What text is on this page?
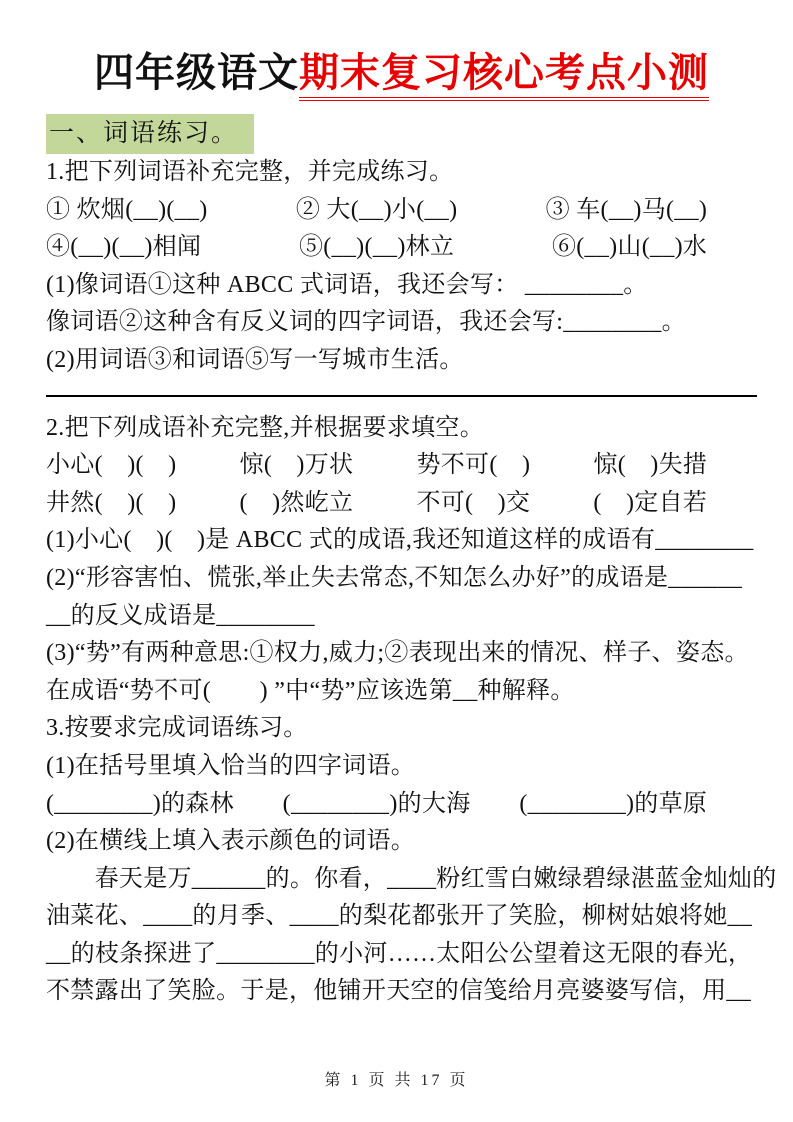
四年级语文期末复习核心考点小测
一、词语练习。
1.把下列词语补充完整，并完成练习。
① 炊烟(__)(__)	② 大(__)小(__)	③ 车(__)马(__)
④(__)(__)相闻	⑤(__)(__)林立	⑥(__)山(__)水
(1)像词语①这种 ABCC 式词语，我还会写： ________。
像词语②这种含有反义词的四字词语，我还会写:________。
(2)用词语③和词语⑤写一写城市生活。
2.把下列成语补充完整,并根据要求填空。
小心(　)(　)	惊(　)万状	势不可(　)	惊(　)失措
井然(　)(　)	(　)然屹立	不可(　)交	(　)定自若
(1)小心(　)(　)是 ABCC 式的成语,我还知道这样的成语有________
(2)“形容害怕、慌张,举止失去常态,不知怎么办好”的成语是______
__的反义成语是________
(3)“势”有两种意思:①权力,威力;②表现出来的情况、样子、姿态。
在成语“势不可(　　) ”中“势”应该选第__种解释。
3.按要求完成词语练习。
(1)在括号里填入恰当的四字词语。
(________)的森林 (________)的大海 (________)的草原
(2)在横线上填入表示颜色的词语。
　　春天是万______的。你看，____粉红雪白嫩绿碧绿湛蓝金灿灿的
油菜花、____的月季、____的梨花都张开了笑脸，柳树姑娘将她__
__的枝条探进了________的小河……太阳公公望着这无限的春光，
不禁露出了笑脸。于是，他铺开天空的信笺给月亮婆婆写信，用__
第 1 页 共 17 页
